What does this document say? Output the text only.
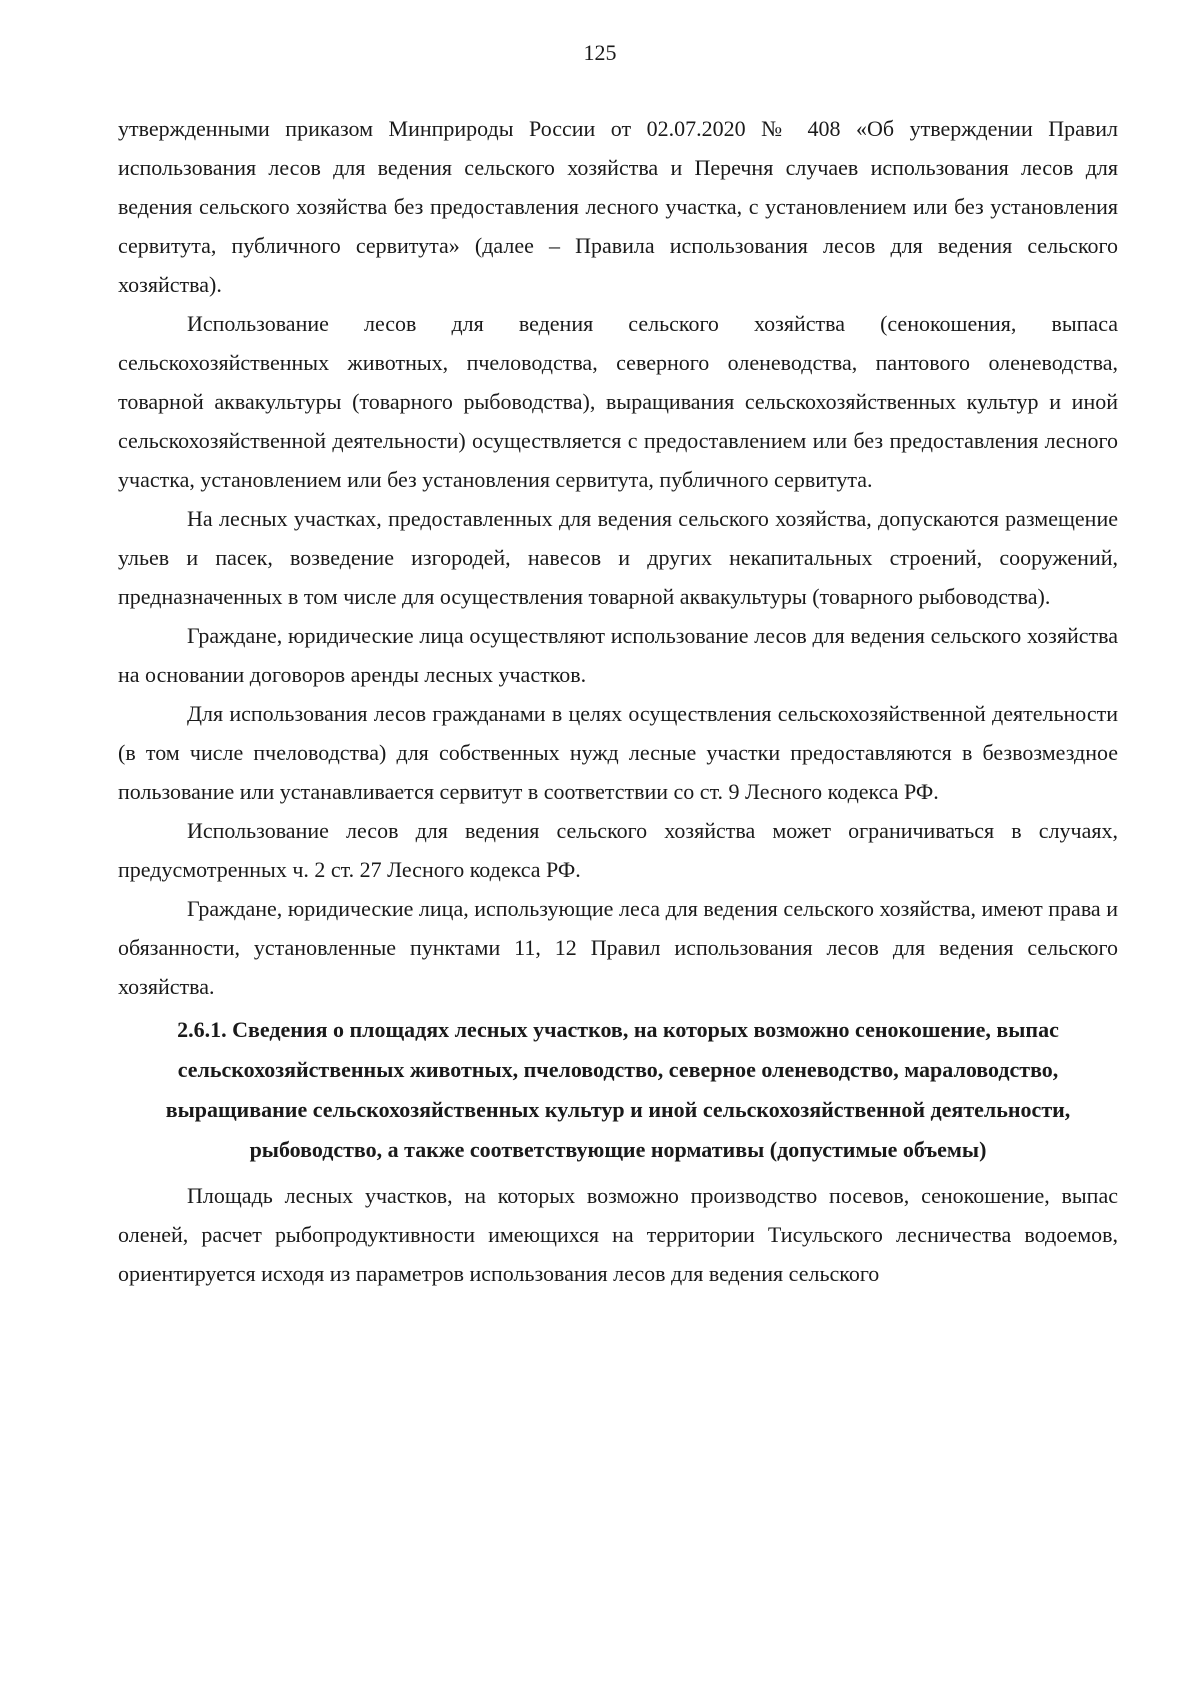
125

утвержденными приказом Минприроды России от 02.07.2020 № 408 «Об утверждении Правил использования лесов для ведения сельского хозяйства и Перечня случаев использования лесов для ведения сельского хозяйства без предоставления лесного участка, с установлением или без установления сервитута, публичного сервитута» (далее – Правила использования лесов для ведения сельского хозяйства).

Использование лесов для ведения сельского хозяйства (сенокошения, выпаса сельскохозяйственных животных, пчеловодства, северного оленеводства, пантового оленеводства, товарной аквакультуры (товарного рыбоводства), выращивания сельскохозяйственных культур и иной сельскохозяйственной деятельности) осуществляется с предоставлением или без предоставления лесного участка, установлением или без установления сервитута, публичного сервитута.

На лесных участках, предоставленных для ведения сельского хозяйства, допускаются размещение ульев и пасек, возведение изгородей, навесов и других некапитальных строений, сооружений, предназначенных в том числе для осуществления товарной аквакультуры (товарного рыбоводства).

Граждане, юридические лица осуществляют использование лесов для ведения сельского хозяйства на основании договоров аренды лесных участков.

Для использования лесов гражданами в целях осуществления сельскохозяйственной деятельности (в том числе пчеловодства) для собственных нужд лесные участки предоставляются в безвозмездное пользование или устанавливается сервитут в соответствии со ст. 9 Лесного кодекса РФ.

Использование лесов для ведения сельского хозяйства может ограничиваться в случаях, предусмотренных ч. 2 ст. 27 Лесного кодекса РФ.

Граждане, юридические лица, использующие леса для ведения сельского хозяйства, имеют права и обязанности, установленные пунктами 11, 12 Правил использования лесов для ведения сельского хозяйства.

2.6.1. Сведения о площадях лесных участков, на которых возможно сенокошение, выпас сельскохозяйственных животных, пчеловодство, северное оленеводство, мараловодство, выращивание сельскохозяйственных культур и иной сельскохозяйственной деятельности, рыбоводство, а также соответствующие нормативы (допустимые объемы)

Площадь лесных участков, на которых возможно производство посевов, сенокошение, выпас оленей, расчет рыбопродуктивности имеющихся на территории Тисульского лесничества водоемов, ориентируется исходя из параметров использования лесов для ведения сельского
